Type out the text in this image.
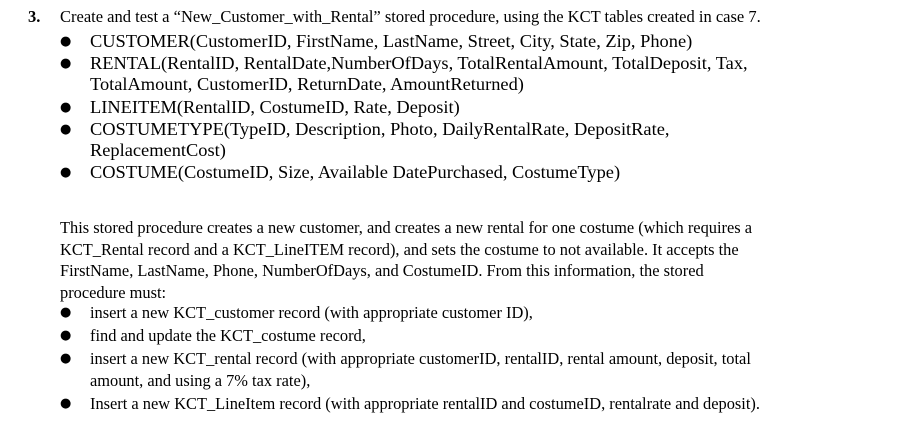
3. Create and test a “New_Customer_with_Rental” stored procedure, using the KCT tables created in case 7.
● CUSTOMER(CustomerID, FirstName, LastName, Street, City, State, Zip, Phone)
● RENTAL(RentalID, RentalDate,NumberOfDays, TotalRentalAmount, TotalDeposit, Tax,
TotalAmount, CustomerID, ReturnDate, AmountReturned)
● LINEITEM(RentalID, CostumeID, Rate, Deposit)
● COSTUMETYPE(TypeID, Description, Photo, DailyRentalRate, DepositRate,
ReplacementCost)
● COSTUME(CostumeID, Size, Available DatePurchased, CostumeType)
This stored procedure creates a new customer, and creates a new rental for one costume (which requires a
KCT_Rental record and a KCT_LineITEM record), and sets the costume to not available. It accepts the
FirstName, LastName, Phone, NumberOfDays, and CostumeID. From this information, the stored
procedure must:
● insert a new KCT_customer record (with appropriate customer ID),
● find and update the KCT_costume record,
● insert a new KCT_rental record (with appropriate customerID, rentalID, rental amount, deposit, total
amount, and using a 7% tax rate),
● Insert a new KCT_LineItem record (with appropriate rentalID and costumeID, rentalrate and deposit).
